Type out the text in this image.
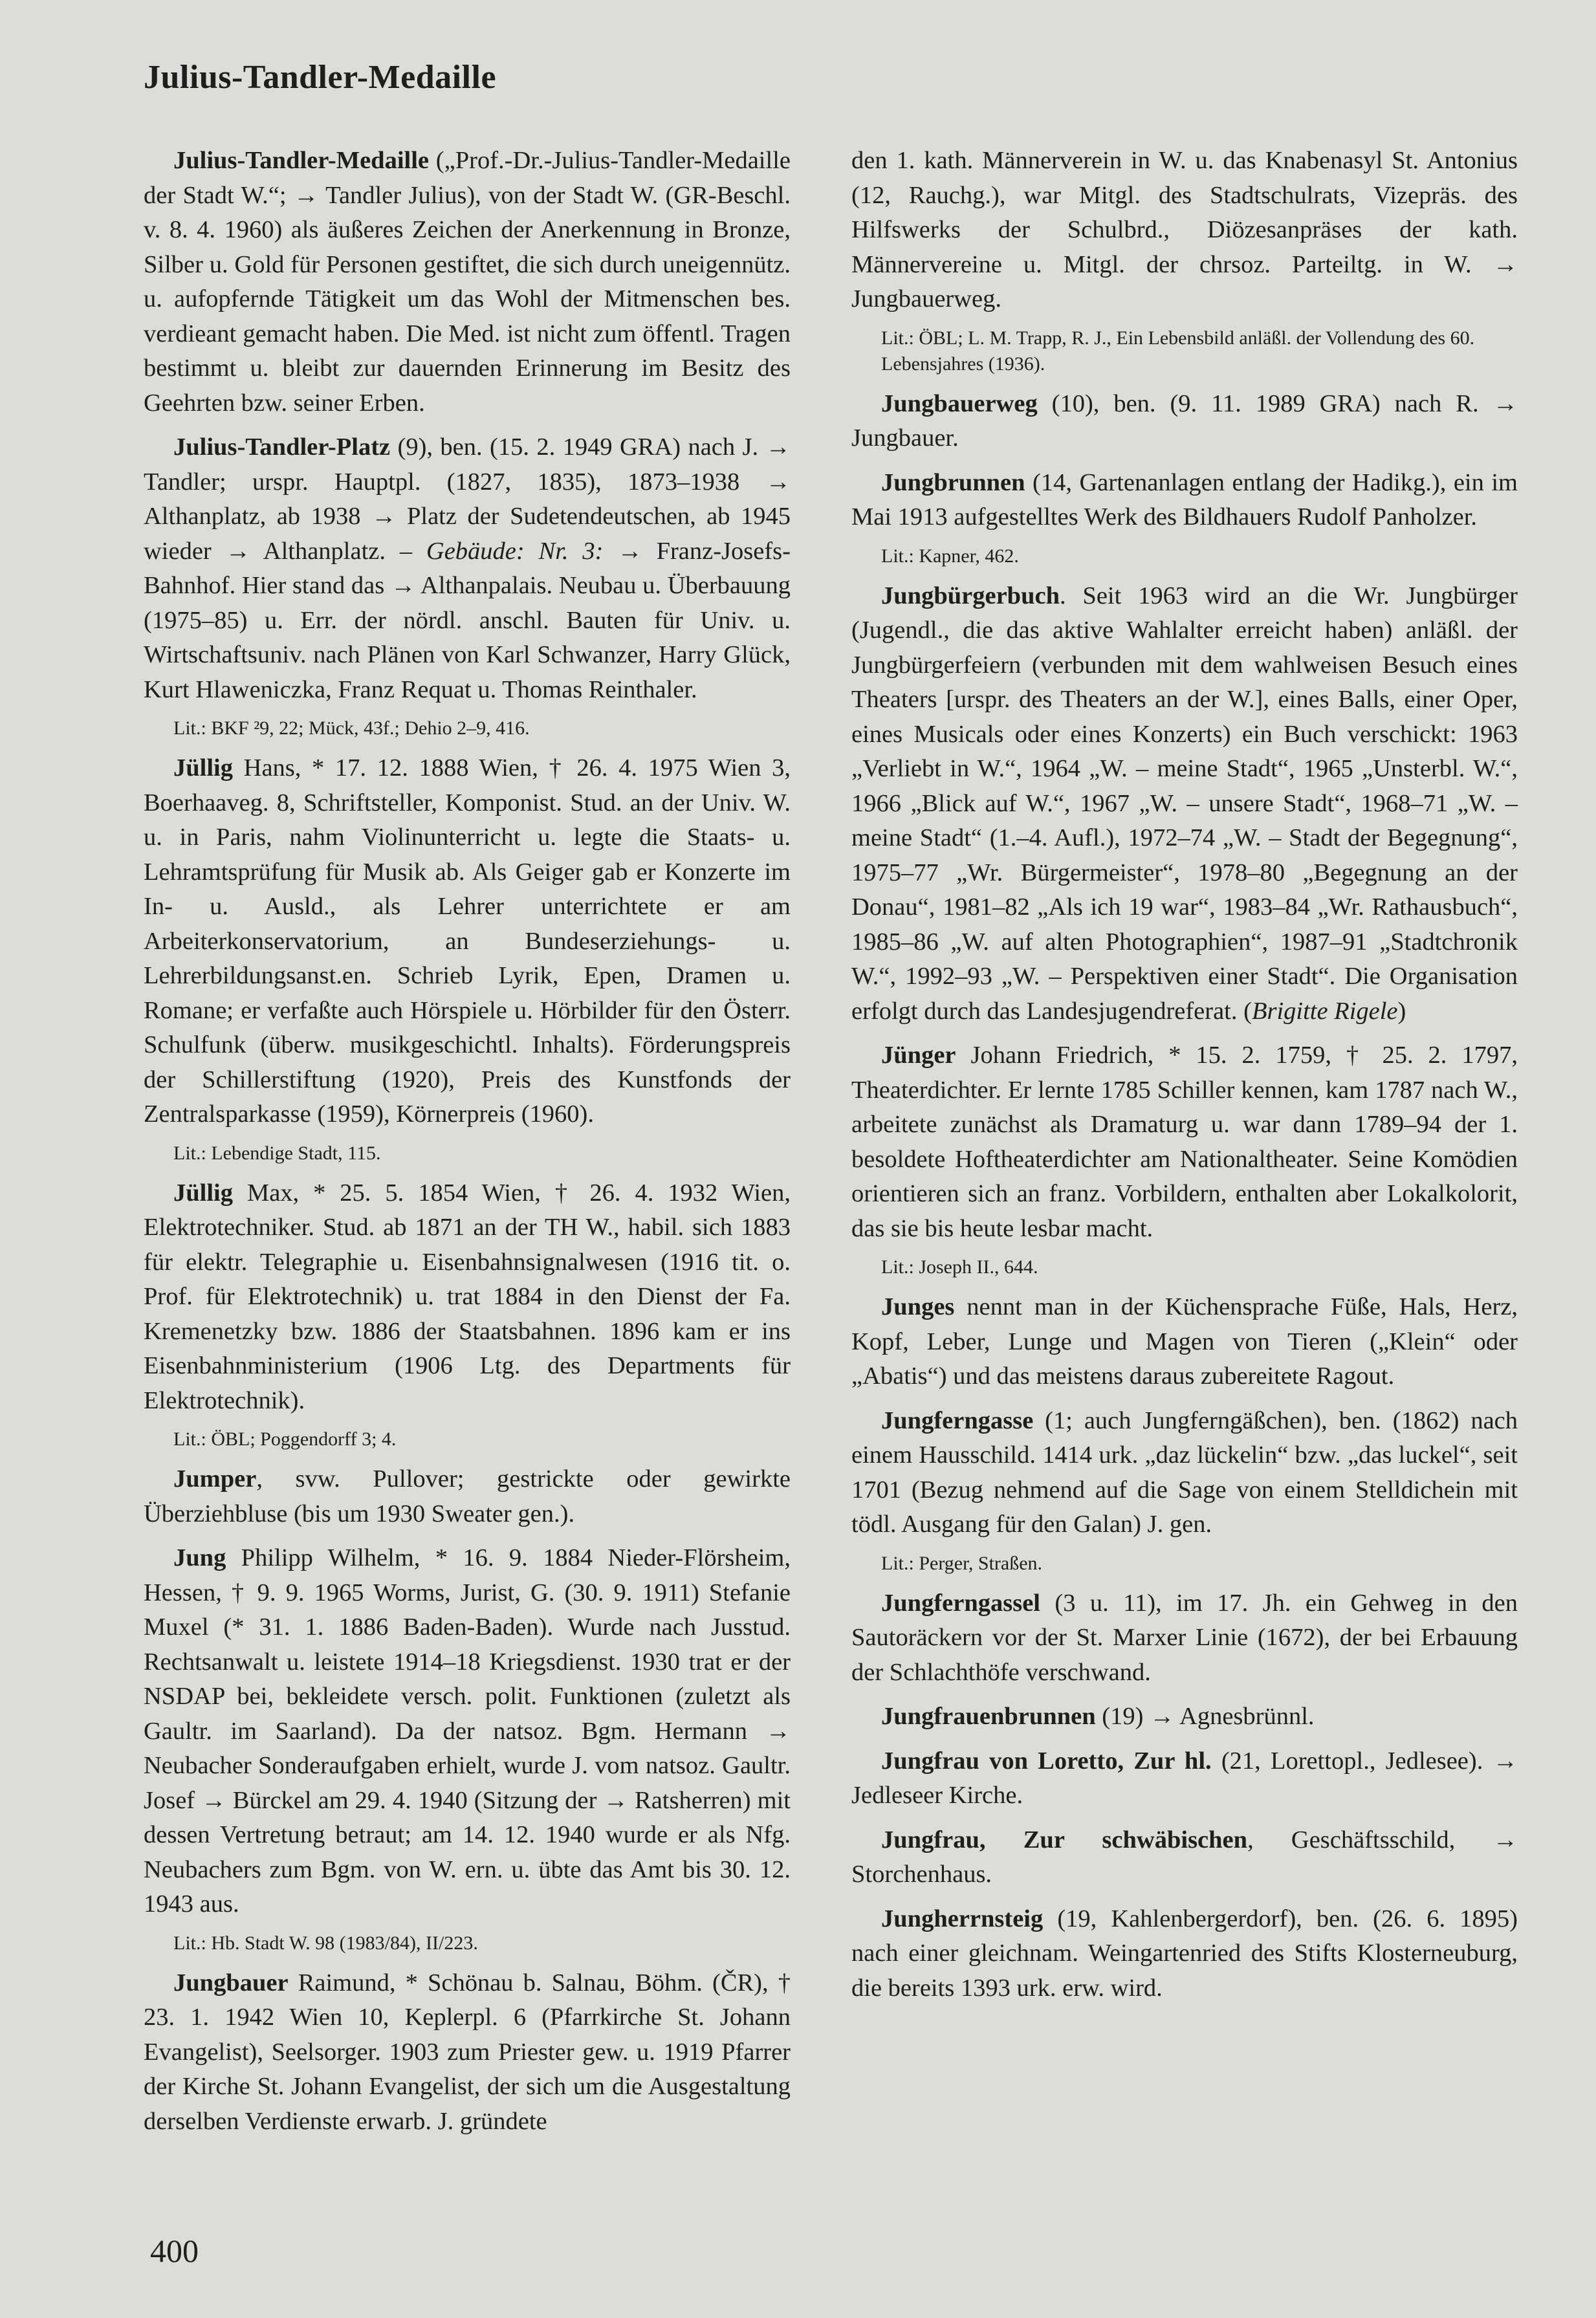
Julius-Tandler-Medaille

Julius-Tandler-Medaille („Prof.-Dr.-Julius-Tandler-Medaille der Stadt W.“; → Tandler Julius), von der Stadt W. (GR-Beschl. v. 8. 4. 1960) als äußeres Zeichen der Anerkennung in Bronze, Silber u. Gold für Personen gestiftet, die sich durch uneigennütz. u. aufopfernde Tätigkeit um das Wohl der Mitmenschen bes. verdieant gemacht haben. Die Med. ist nicht zum öffentl. Tragen bestimmt u. bleibt zur dauernden Erinnerung im Besitz des Geehrten bzw. seiner Erben.

Julius-Tandler-Platz (9), ben. (15. 2. 1949 GRA) nach J. → Tandler; urspr. Hauptpl. (1827, 1835), 1873–1938 → Althanplatz, ab 1938 → Platz der Sudetendeutschen, ab 1945 wieder → Althanplatz. – Gebäude: Nr. 3: → Franz-Josefs-Bahnhof. Hier stand das → Althanpalais. Neubau u. Überbauung (1975–85) u. Err. der nördl. anschl. Bauten für Univ. u. Wirtschaftsuniv. nach Plänen von Karl Schwanzer, Harry Glück, Kurt Hlaweniczka, Franz Requat u. Thomas Reinthaler.

Lit.: BKF ²9, 22; Mück, 43f.; Dehio 2–9, 416.

Jüllig Hans, * 17. 12. 1888 Wien, † 26. 4. 1975 Wien 3, Boerhaaveg. 8, Schriftsteller, Komponist. Stud. an der Univ. W. u. in Paris, nahm Violinunterricht u. legte die Staats- u. Lehramtsprüfung für Musik ab. Als Geiger gab er Konzerte im In- u. Ausld., als Lehrer unterrichtete er am Arbeiterkonservatorium, an Bundeserziehungs- u. Lehrerbildungsanst.en. Schrieb Lyrik, Epen, Dramen u. Romane; er verfaßte auch Hörspiele u. Hörbilder für den Österr. Schulfunk (überw. musikgeschichtl. Inhalts). Förderungspreis der Schillerstiftung (1920), Preis des Kunstfonds der Zentralsparkasse (1959), Körnerpreis (1960).

Lit.: Lebendige Stadt, 115.

Jüllig Max, * 25. 5. 1854 Wien, † 26. 4. 1932 Wien, Elektrotechniker. Stud. ab 1871 an der TH W., habil. sich 1883 für elektr. Telegraphie u. Eisenbahnsignalwesen (1916 tit. o. Prof. für Elektrotechnik) u. trat 1884 in den Dienst der Fa. Kremenetzky bzw. 1886 der Staatsbahnen. 1896 kam er ins Eisenbahnministerium (1906 Ltg. des Departments für Elektrotechnik).

Lit.: ÖBL; Poggendorff 3; 4.

Jumper, svw. Pullover; gestrickte oder gewirkte Überziehbluse (bis um 1930 Sweater gen.).

Jung Philipp Wilhelm, * 16. 9. 1884 Nieder-Flörsheim, Hessen, † 9. 9. 1965 Worms, Jurist, G. (30. 9. 1911) Stefanie Muxel (* 31. 1. 1886 Baden-Baden). Wurde nach Jusstud. Rechtsanwalt u. leistete 1914–18 Kriegsdienst. 1930 trat er der NSDAP bei, bekleidete versch. polit. Funktionen (zuletzt als Gaultr. im Saarland). Da der natsoz. Bgm. Hermann → Neubacher Sonderaufgaben erhielt, wurde J. vom natsoz. Gaultr. Josef → Bürckel am 29. 4. 1940 (Sitzung der → Ratsherren) mit dessen Vertretung betraut; am 14. 12. 1940 wurde er als Nfg. Neubachers zum Bgm. von W. ern. u. übte das Amt bis 30. 12. 1943 aus.

Lit.: Hb. Stadt W. 98 (1983/84), II/223.

Jungbauer Raimund, * Schönau b. Salnau, Böhm. (ČR), † 23. 1. 1942 Wien 10, Keplerpl. 6 (Pfarrkirche St. Johann Evangelist), Seelsorger. 1903 zum Priester gew. u. 1919 Pfarrer der Kirche St. Johann Evangelist, der sich um die Ausgestaltung derselben Verdienste erwarb. J. gründete

den 1. kath. Männerverein in W. u. das Knabenasyl St. Antonius (12, Rauchg.), war Mitgl. des Stadtschulrats, Vizepräs. des Hilfswerks der Schulbrd., Diözesanpräses der kath. Männervereine u. Mitgl. der chrsoz. Parteiltg. in W. → Jungbauerweg.

Lit.: ÖBL; L. M. Trapp, R. J., Ein Lebensbild anläßl. der Vollendung des 60. Lebensjahres (1936).

Jungbauerweg (10), ben. (9. 11. 1989 GRA) nach R. → Jungbauer.

Jungbrunnen (14, Gartenanlagen entlang der Hadikg.), ein im Mai 1913 aufgestelltes Werk des Bildhauers Rudolf Panholzer.

Lit.: Kapner, 462.

Jungbürgerbuch. Seit 1963 wird an die Wr. Jungbürger (Jugendl., die das aktive Wahlalter erreicht haben) anläßl. der Jungbürgerfeiern (verbunden mit dem wahlweisen Besuch eines Theaters [urspr. des Theaters an der W.], eines Balls, einer Oper, eines Musicals oder eines Konzerts) ein Buch verschickt: 1963 „Verliebt in W.“, 1964 „W. – meine Stadt“, 1965 „Unsterbl. W.“, 1966 „Blick auf W.“, 1967 „W. – unsere Stadt“, 1968–71 „W. – meine Stadt“ (1.–4. Aufl.), 1972–74 „W. – Stadt der Begegnung“, 1975–77 „Wr. Bürgermeister“, 1978–80 „Begegnung an der Donau“, 1981–82 „Als ich 19 war“, 1983–84 „Wr. Rathausbuch“, 1985–86 „W. auf alten Photographien“, 1987–91 „Stadtchronik W.“, 1992–93 „W. – Perspektiven einer Stadt“. Die Organisation erfolgt durch das Landesjugendreferat. (Brigitte Rigele)

Jünger Johann Friedrich, * 15. 2. 1759, † 25. 2. 1797, Theaterdichter. Er lernte 1785 Schiller kennen, kam 1787 nach W., arbeitete zunächst als Dramaturg u. war dann 1789–94 der 1. besoldete Hoftheaterdichter am Nationaltheater. Seine Komödien orientieren sich an franz. Vorbildern, enthalten aber Lokalkolorit, das sie bis heute lesbar macht.

Lit.: Joseph II., 644.

Junges nennt man in der Küchensprache Füße, Hals, Herz, Kopf, Leber, Lunge und Magen von Tieren („Klein“ oder „Abatis“) und das meistens daraus zubereitete Ragout.

Jungferngasse (1; auch Jungferngäßchen), ben. (1862) nach einem Hausschild. 1414 urk. „daz lückelin“ bzw. „das luckel“, seit 1701 (Bezug nehmend auf die Sage von einem Stelldichein mit tödl. Ausgang für den Galan) J. gen.

Lit.: Perger, Straßen.

Jungferngassel (3 u. 11), im 17. Jh. ein Gehweg in den Sautoräckern vor der St. Marxer Linie (1672), der bei Erbauung der Schlachthöfe verschwand.

Jungfrauenbrunnen (19) → Agnesbrünnl.

Jungfrau von Loretto, Zur hl. (21, Lorettopl., Jedlesee). → Jedleseer Kirche.

Jungfrau, Zur schwäbischen, Geschäftsschild, → Storchenhaus.

Jungherrnsteig (19, Kahlenbergerdorf), ben. (26. 6. 1895) nach einer gleichnam. Weingartenried des Stifts Klosterneuburg, die bereits 1393 urk. erw. wird.

400
